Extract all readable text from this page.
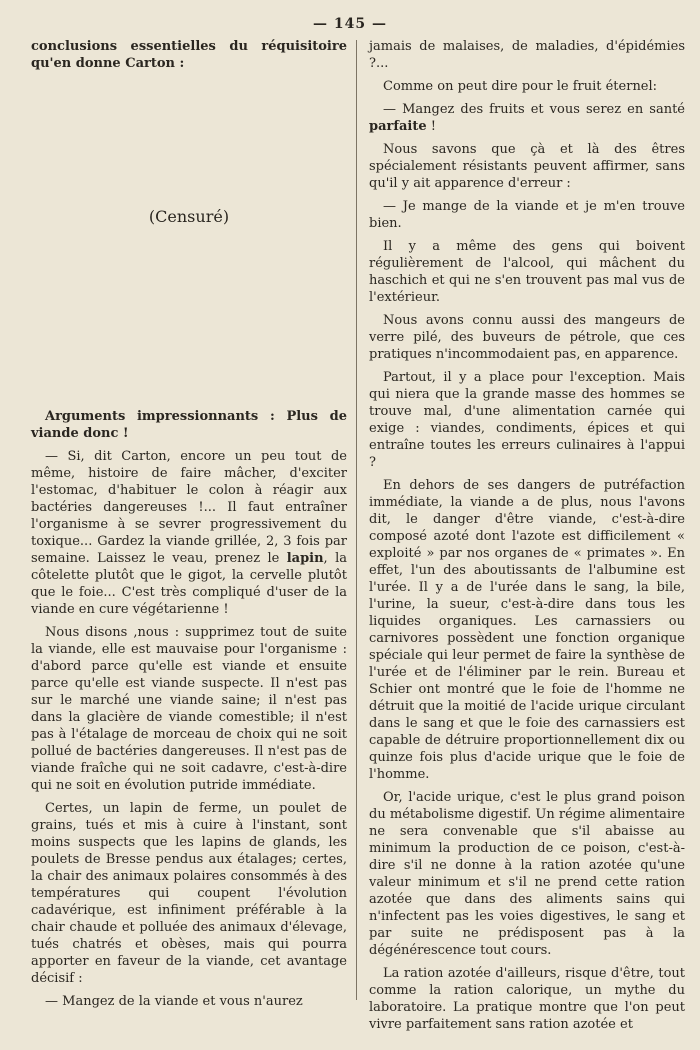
— 145 —

conclusions essentielles du réquisitoire qu'en donne Carton :

(Censuré)

Arguments impressionnants : Plus de viande donc !

— Si, dit Carton, encore un peu tout de même, histoire de faire mâcher, d'exciter l'estomac, d'habituer le colon à réagir aux bactéries dangereuses !... Il faut entraîner l'organisme à se sevrer progressivement du toxique... Gardez la viande grillée, 2, 3 fois par semaine. Laissez le veau, prenez le lapin, la côtelette plutôt que le gigot, la cervelle plutôt que le foie... C'est très compliqué d'user de la viande en cure végétarienne !

Nous disons ,nous : supprimez tout de suite la viande, elle est mauvaise pour l'organisme : d'abord parce qu'elle est viande et ensuite parce qu'elle est viande suspecte. Il n'est pas sur le marché une viande saine; il n'est pas dans la glacière de viande comestible; il n'est pas à l'étalage de morceau de choix qui ne soit pollué de bactéries dangereuses. Il n'est pas de viande fraîche qui ne soit cadavre, c'est-à-dire qui ne soit en évolution putride immédiate.

Certes, un lapin de ferme, un poulet de grains, tués et mis à cuire à l'instant, sont moins suspects que les lapins de glands, les poulets de Bresse pendus aux étalages; certes, la chair des animaux polaires consommés à des températures qui coupent l'évolution cadavérique, est infiniment préférable à la chair chaude et polluée des animaux d'élevage, tués chatrés et obèses, mais qui pourra apporter en faveur de la viande, cet avantage décisif :

— Mangez de la viande et vous n'aurez

jamais de malaises, de maladies, d'épidémies ?...

Comme on peut dire pour le fruit éternel:

— Mangez des fruits et vous serez en santé parfaite !

Nous savons que çà et là des êtres spécialement résistants peuvent affirmer, sans qu'il y ait apparence d'erreur :

— Je mange de la viande et je m'en trouve bien.

Il y a même des gens qui boivent régulièrement de l'alcool, qui mâchent du haschich et qui ne s'en trouvent pas mal vus de l'extérieur.

Nous avons connu aussi des mangeurs de verre pilé, des buveurs de pétrole, que ces pratiques n'incommodaient pas, en apparence.

Partout, il y a place pour l'exception. Mais qui niera que la grande masse des hommes se trouve mal, d'une alimentation carnée qui exige : viandes, condiments, épices et qui entraîne toutes les erreurs culinaires à l'appui ?

En dehors de ses dangers de putréfaction immédiate, la viande a de plus, nous l'avons dit, le danger d'être viande, c'est-à-dire composé azoté dont l'azote est difficilement « exploité » par nos organes de « primates ». En effet, l'un des aboutissants de l'albumine est l'urée. Il y a de l'urée dans le sang, la bile, l'urine, la sueur, c'est-à-dire dans tous les liquides organiques. Les carnassiers ou carnivores possèdent une fonction organique spéciale qui leur permet de faire la synthèse de l'urée et de l'éliminer par le rein. Bureau et Schier ont montré que le foie de l'homme ne détruit que la moitié de l'acide urique circulant dans le sang et que le foie des carnassiers est capable de détruire proportionnellement dix ou quinze fois plus d'acide urique que le foie de l'homme.

Or, l'acide urique, c'est le plus grand poison du métabolisme digestif. Un régime alimentaire ne sera convenable que s'il abaisse au minimum la production de ce poison, c'est-à-dire s'il ne donne à la ration azotée qu'une valeur minimum et s'il ne prend cette ration azotée que dans des aliments sains qui n'infectent pas les voies digestives, le sang et par suite ne prédisposent pas à la dégénérescence tout cours.

La ration azotée d'ailleurs, risque d'être, tout comme la ration calorique, un mythe du laboratoire. La pratique montre que l'on peut vivre parfaitement sans ration azotée et
